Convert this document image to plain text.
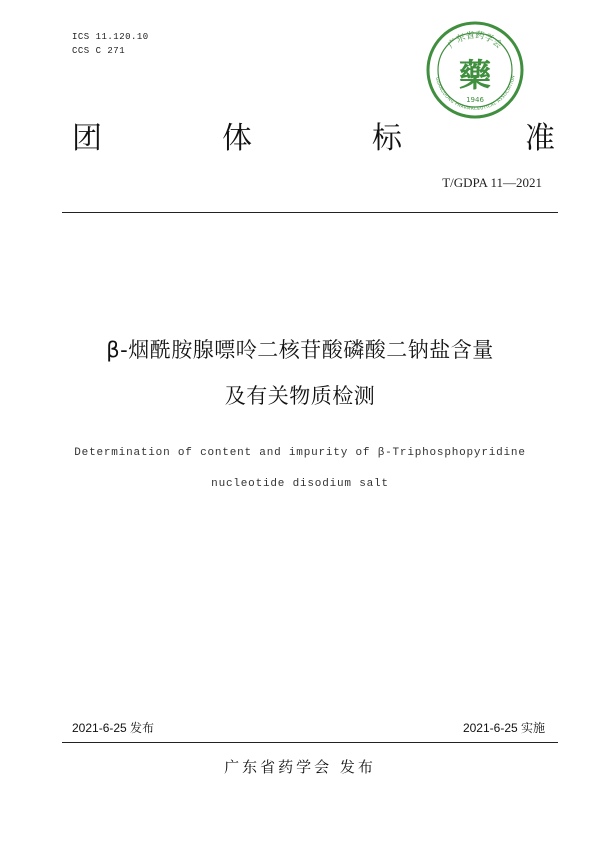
ICS 11.120.10
CCS C 271
广东省药学会
GUANGDONG PHARMACEUTICAL ASSOCIATION
藥
1946
团	体	标	准
T/GDPA 11—2021
β-烟酰胺腺嘌呤二核苷酸磷酸二钠盐含量
及有关物质检测
Determination of content and impurity of β-Triphosphopyridine
nucleotide disodium salt
2021-6-25 发布	2021-6-25 实施
广东省药学会 发布
